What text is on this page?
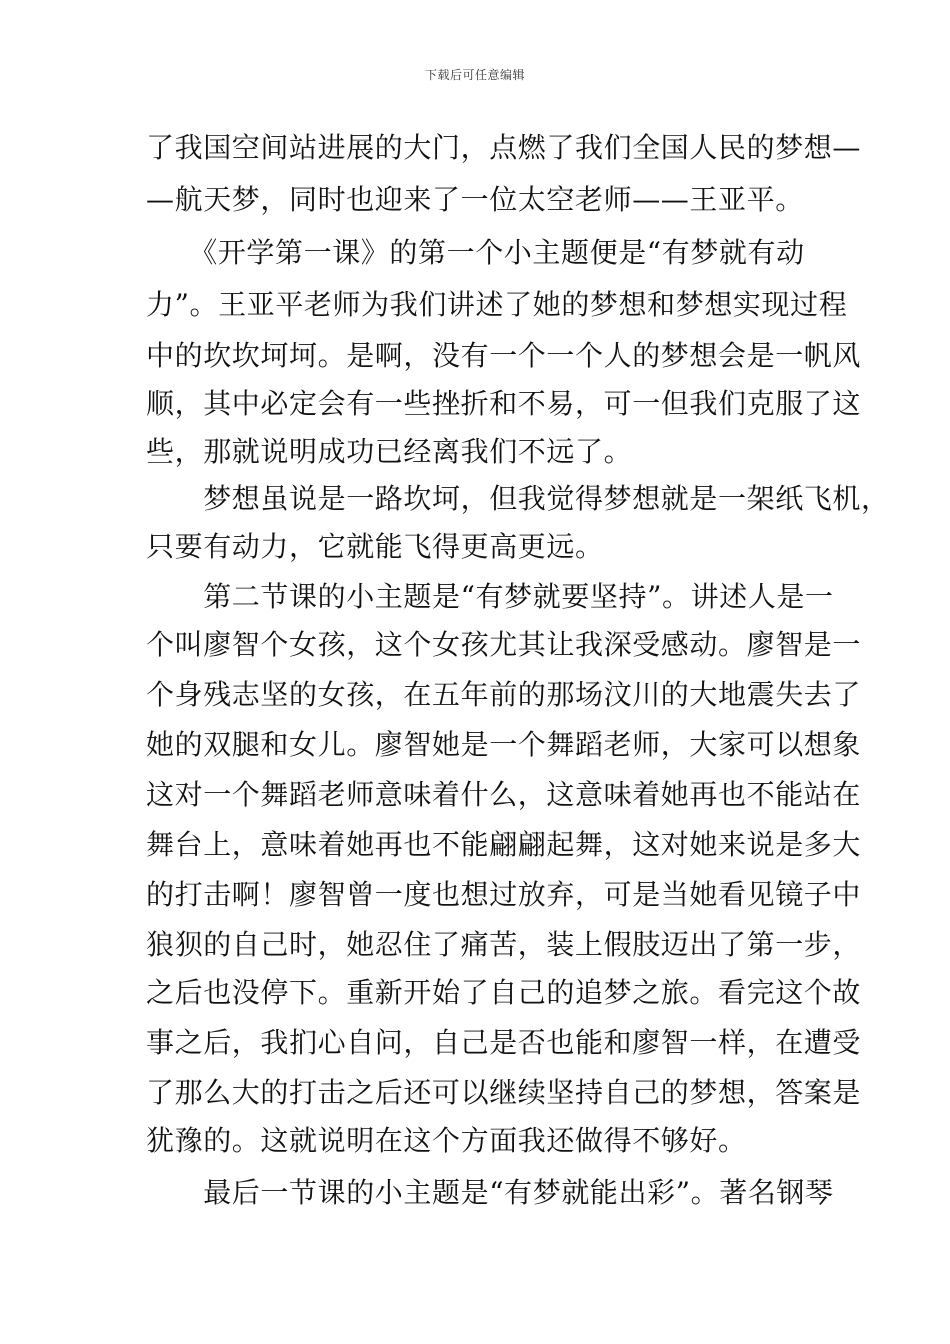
下载后可任意编辑
了我国空间站进展的大门，点燃了我们全国人民的梦想—
—航天梦，同时也迎来了一位太空老师——王亚平。
　　《开学第一课》的第一个小主题便是“有梦就有动
力”。王亚平老师为我们讲述了她的梦想和梦想实现过程
中的坎坎坷坷。是啊，没有一个一个人的梦想会是一帆风
顺，其中必定会有一些挫折和不易，可一但我们克服了这
些，那就说明成功已经离我们不远了。
　　梦想虽说是一路坎坷，但我觉得梦想就是一架纸飞机，
只要有动力，它就能飞得更高更远。
　　第二节课的小主题是“有梦就要坚持”。讲述人是一
个叫廖智个女孩，这个女孩尤其让我深受感动。廖智是一
个身残志坚的女孩，在五年前的那场汶川的大地震失去了
她的双腿和女儿。廖智她是一个舞蹈老师，大家可以想象
这对一个舞蹈老师意味着什么，这意味着她再也不能站在
舞台上，意味着她再也不能翩翩起舞，这对她来说是多大
的打击啊！廖智曾一度也想过放弃，可是当她看见镜子中
狼狈的自己时，她忍住了痛苦，装上假肢迈出了第一步，
之后也没停下。重新开始了自己的追梦之旅。看完这个故
事之后，我扪心自问，自己是否也能和廖智一样，在遭受
了那么大的打击之后还可以继续坚持自己的梦想，答案是
犹豫的。这就说明在这个方面我还做得不够好。
　　最后一节课的小主题是“有梦就能出彩”。著名钢琴
